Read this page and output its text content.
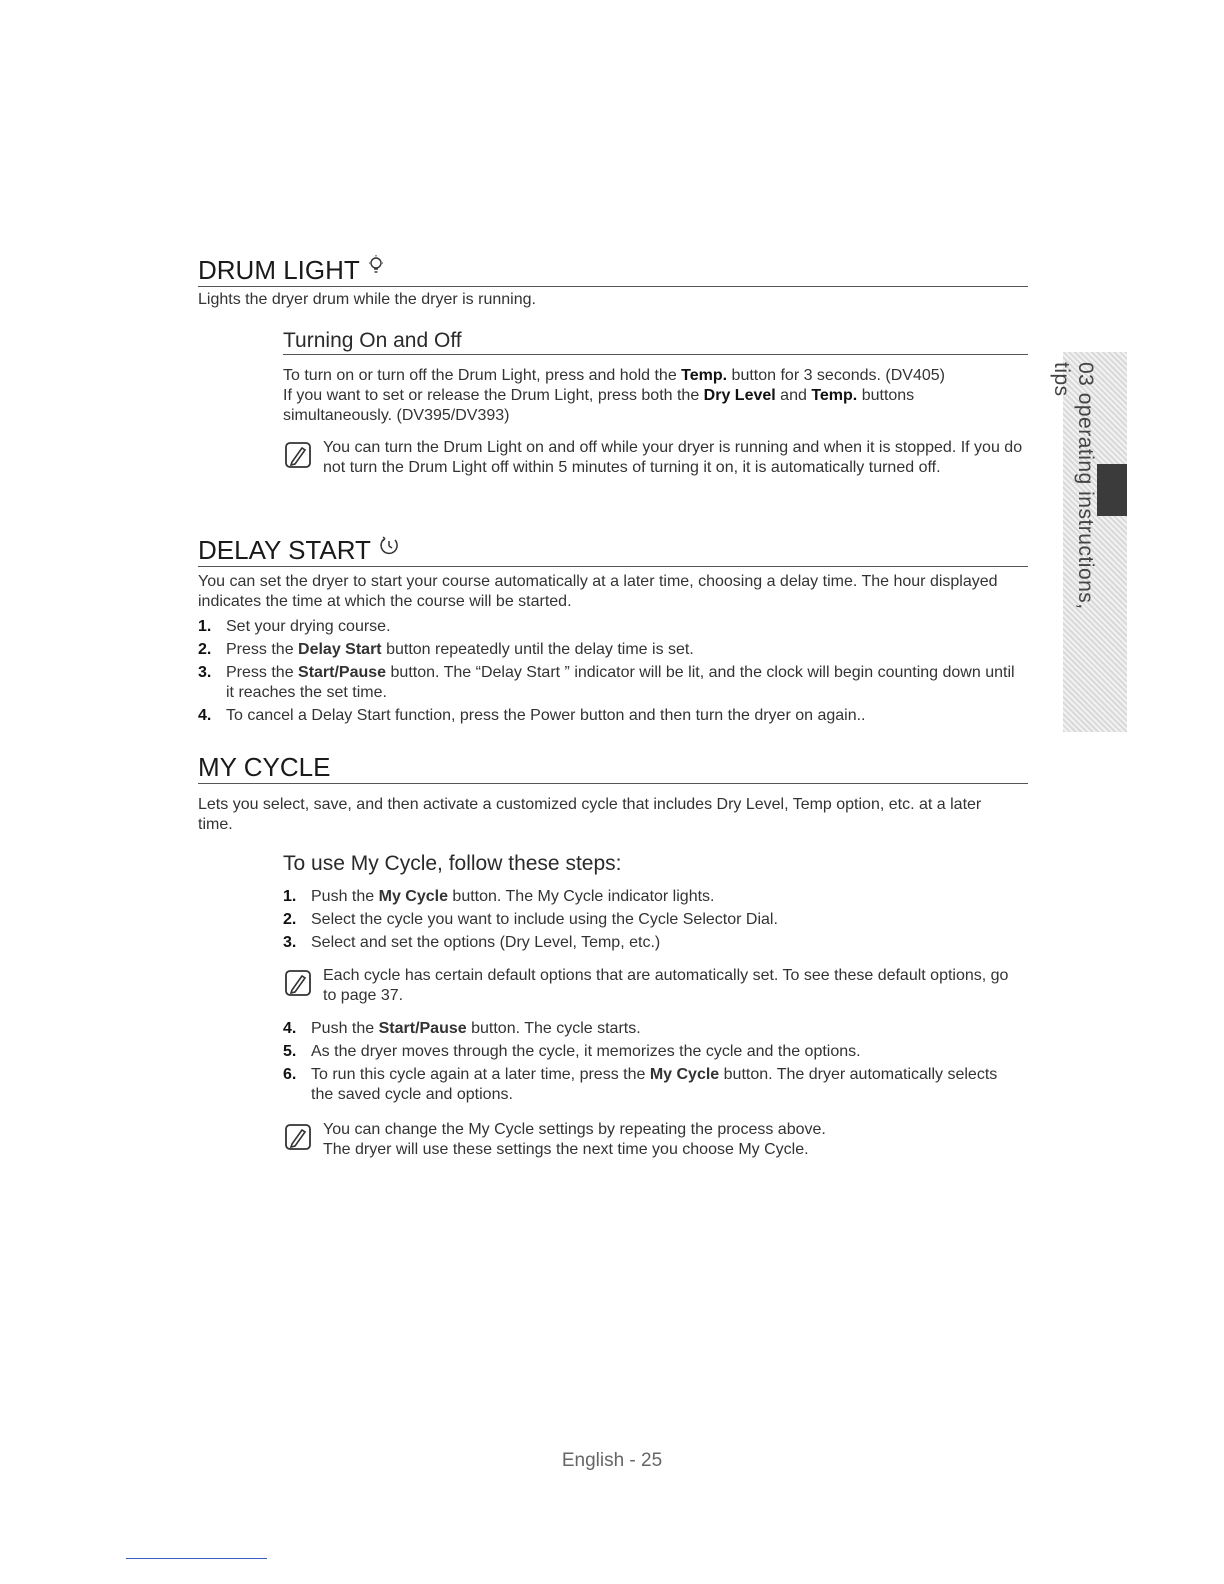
DRUM LIGHT
Lights the dryer drum while the dryer is running.
Turning On and Off
To turn on or turn off the Drum Light, press and hold the Temp. button for 3 seconds. (DV405)
If you want to set or release the Drum Light, press both the Dry Level and Temp. buttons simultaneously. (DV395/DV393)
You can turn the Drum Light on and off while your dryer is running and when it is stopped. If you do not turn the Drum Light off within 5 minutes of turning it on, it is automatically turned off.
DELAY START
You can set the dryer to start your course automatically at a later time, choosing a delay time. The hour displayed indicates the time at which the course will be started.
1. Set your drying course.
2. Press the Delay Start button repeatedly until the delay time is set.
3. Press the Start/Pause button. The “Delay Start ” indicator will be lit, and the clock will begin counting down until it reaches the set time.
4. To cancel a Delay Start function, press the Power button and then turn the dryer on again..
MY CYCLE
Lets you select, save, and then activate a customized cycle that includes Dry Level, Temp option, etc. at a later time.
To use My Cycle, follow these steps:
1. Push the My Cycle button. The My Cycle indicator lights.
2. Select the cycle you want to include using the Cycle Selector Dial.
3. Select and set the options (Dry Level, Temp, etc.)
Each cycle has certain default options that are automatically set. To see these default options, go to page 37.
4. Push the Start/Pause button. The cycle starts.
5. As the dryer moves through the cycle, it memorizes the cycle and the options.
6. To run this cycle again at a later time, press the My Cycle button. The dryer automatically selects the saved cycle and options.
You can change the My Cycle settings by repeating the process above.
The dryer will use these settings the next time you choose My Cycle.
03 operating instructions, tips
English - 25
